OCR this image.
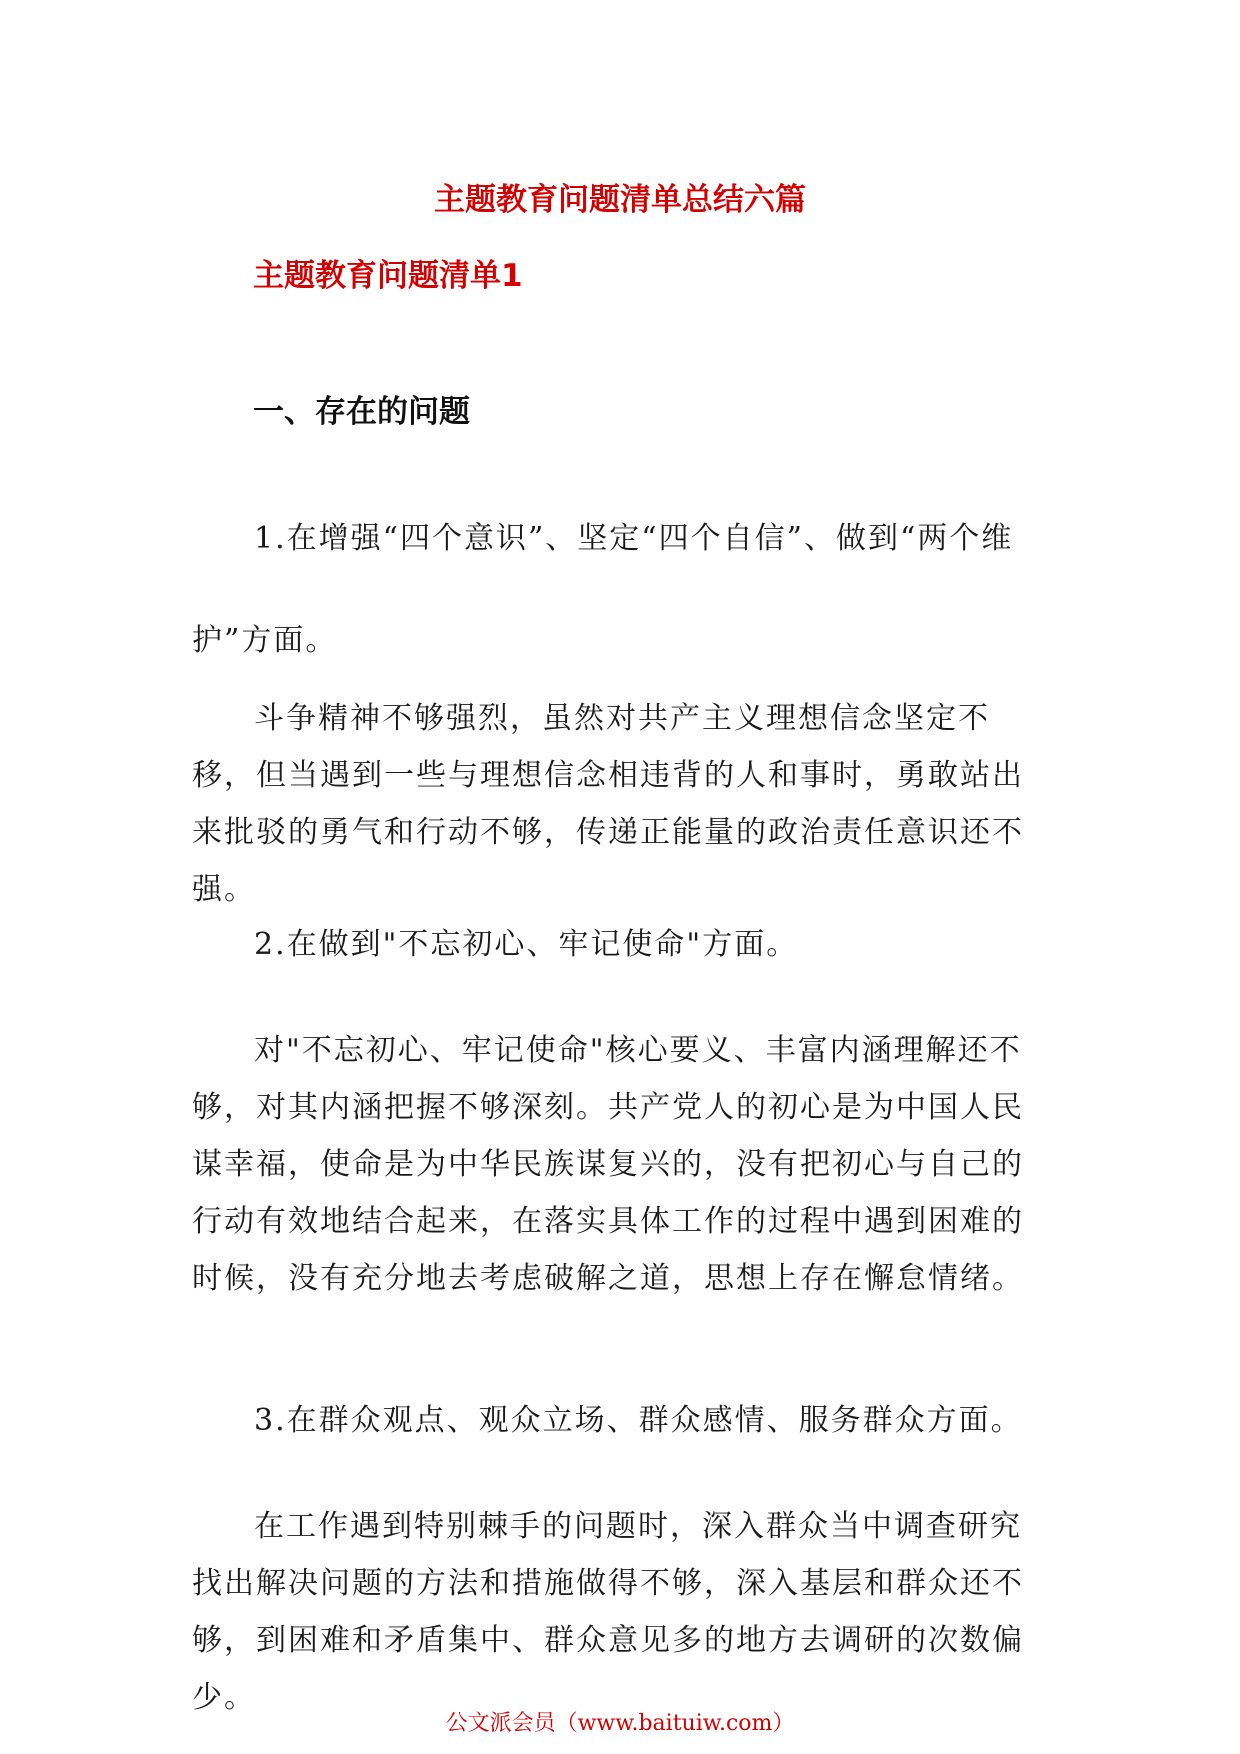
主题教育问题清单总结六篇
主题教育问题清单1
一、存在的问题

1.在增强“四个意识”、坚定“四个自信”、做到“两个维护”方面。

斗争精神不够强烈，虽然对共产主义理想信念坚定不移，但当遇到一些与理想信念相违背的人和事时，勇敢站出来批驳的勇气和行动不够，传递正能量的政治责任意识还不强。

2.在做到"不忘初心、牢记使命"方面。

对"不忘初心、牢记使命"核心要义、丰富内涵理解还不够，对其内涵把握不够深刻。共产党人的初心是为中国人民谋幸福，使命是为中华民族谋复兴的，没有把初心与自己的行动有效地结合起来，在落实具体工作的过程中遇到困难的时候，没有充分地去考虑破解之道，思想上存在懈怠情绪。

3.在群众观点、观众立场、群众感情、服务群众方面。

在工作遇到特别棘手的问题时，深入群众当中调查研究找出解决问题的方法和措施做得不够，深入基层和群众还不够，到困难和矛盾集中、群众意见多的地方去调研的次数偏少。

公文派会员（www.baituiw.com）
